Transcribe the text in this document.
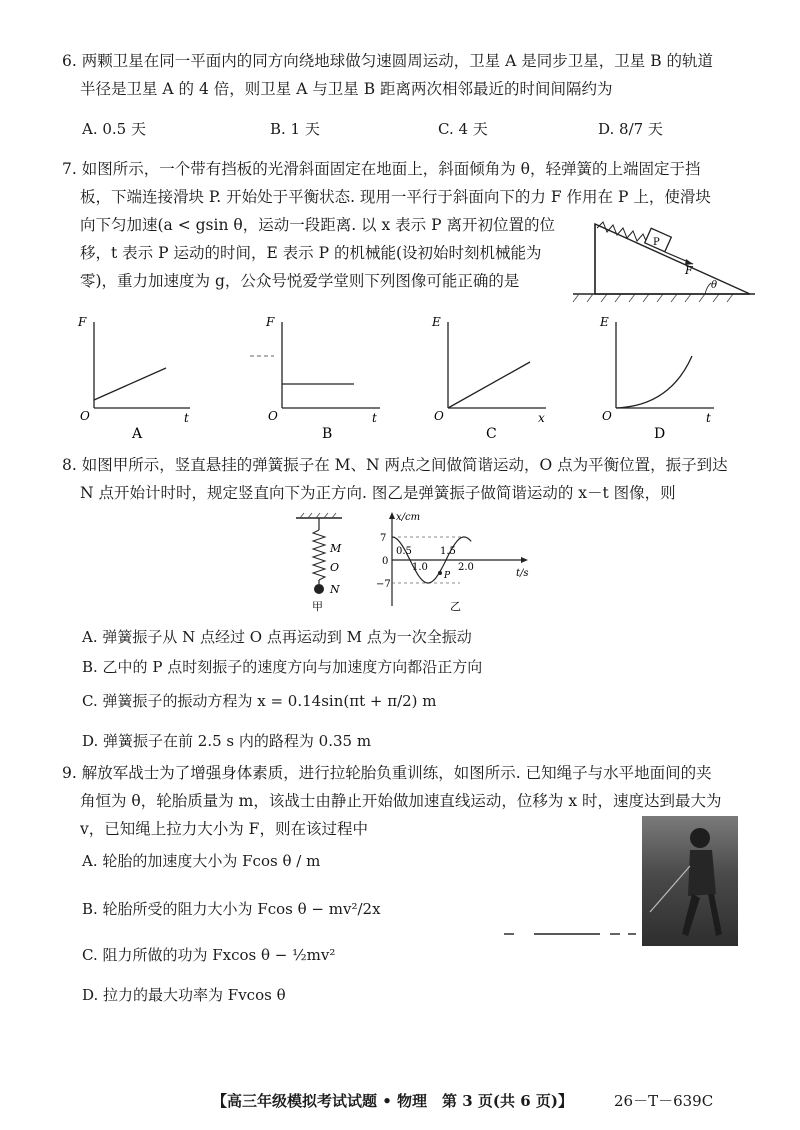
6. 两颗卫星在同一平面内的同方向绕地球做匀速圆周运动，卫星 A 是同步卫星，卫星 B 的轨道
半径是卫星 A 的 4 倍，则卫星 A 与卫星 B 距离两次相邻最近的时间间隔约为
A. 0.5 天	B. 1 天	C. 4 天	D. 8/7 天
7. 如图所示，一个带有挡板的光滑斜面固定在地面上，斜面倾角为 θ，轻弹簧的上端固定于挡
板，下端连接滑块 P. 开始处于平衡状态. 现用一平行于斜面向下的力 F 作用在 P 上，使滑块
向下匀加速(a < gsin θ，运动一段距离. 以 x 表示 P 离开初位置的位
移，t 表示 P 运动的时间，E 表示 P 的机械能(设初始时刻机械能为
零)，重力加速度为 g，公众号悦爱学堂则下列图像可能正确的是
P
F
θ
F
O	t
A
F
O	t
B
E
O	x
C
E
O	t
D
8. 如图甲所示，竖直悬挂的弹簧振子在 M、N 两点之间做简谐运动，O 点为平衡位置，振子到达
N 点开始计时时，规定竖直向下为正方向. 图乙是弹簧振子做简谐运动的 x－t 图像，则
M
O
N
甲
x/cm
t/s
7
−7
0
0.5
1.0
1.5
2.0
P
乙
A. 弹簧振子从 N 点经过 O 点再运动到 M 点为一次全振动
B. 乙中的 P 点时刻振子的速度方向与加速度方向都沿正方向
C. 弹簧振子的振动方程为 x = 0.14sin(πt + π/2) m
D. 弹簧振子在前 2.5 s 内的路程为 0.35 m
9. 解放军战士为了增强身体素质，进行拉轮胎负重训练，如图所示. 已知绳子与水平地面间的夹
角恒为 θ，轮胎质量为 m，该战士由静止开始做加速直线运动，位移为 x 时，速度达到最大为
v，已知绳上拉力大小为 F，则在该过程中
A. 轮胎的加速度大小为 Fcos θ / m
B. 轮胎所受的阻力大小为 Fcos θ − mv²/2x
C. 阻力所做的功为 Fxcos θ − ½mv²
D. 拉力的最大功率为 Fvcos θ
【高三年级模拟考试试题 • 物理　第 3 页(共 6 页)】	26－T－639C
